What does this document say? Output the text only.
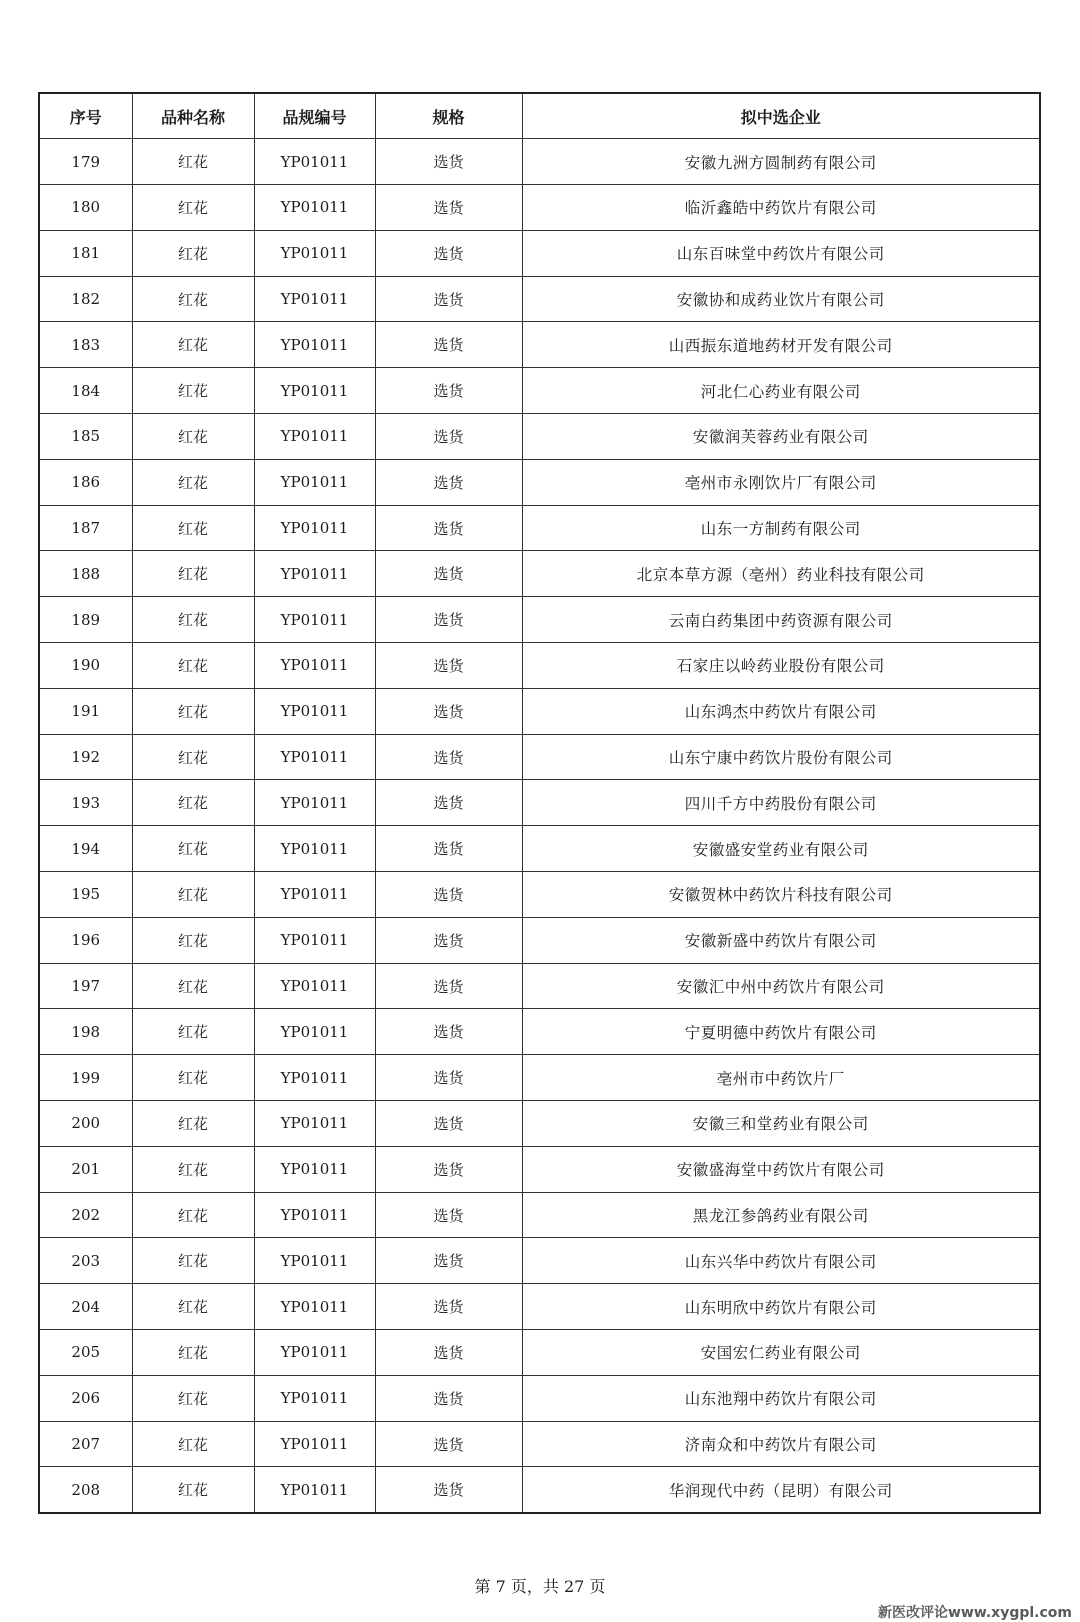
序号	品种名称	品规编号	规格	拟中选企业
179	红花	YP01011	选货	安徽九洲方圆制药有限公司
180	红花	YP01011	选货	临沂鑫皓中药饮片有限公司
181	红花	YP01011	选货	山东百味堂中药饮片有限公司
182	红花	YP01011	选货	安徽协和成药业饮片有限公司
183	红花	YP01011	选货	山西振东道地药材开发有限公司
184	红花	YP01011	选货	河北仁心药业有限公司
185	红花	YP01011	选货	安徽润芙蓉药业有限公司
186	红花	YP01011	选货	亳州市永刚饮片厂有限公司
187	红花	YP01011	选货	山东一方制药有限公司
188	红花	YP01011	选货	北京本草方源（亳州）药业科技有限公司
189	红花	YP01011	选货	云南白药集团中药资源有限公司
190	红花	YP01011	选货	石家庄以岭药业股份有限公司
191	红花	YP01011	选货	山东鸿杰中药饮片有限公司
192	红花	YP01011	选货	山东宁康中药饮片股份有限公司
193	红花	YP01011	选货	四川千方中药股份有限公司
194	红花	YP01011	选货	安徽盛安堂药业有限公司
195	红花	YP01011	选货	安徽贺林中药饮片科技有限公司
196	红花	YP01011	选货	安徽新盛中药饮片有限公司
197	红花	YP01011	选货	安徽汇中州中药饮片有限公司
198	红花	YP01011	选货	宁夏明德中药饮片有限公司
199	红花	YP01011	选货	亳州市中药饮片厂
200	红花	YP01011	选货	安徽三和堂药业有限公司
201	红花	YP01011	选货	安徽盛海堂中药饮片有限公司
202	红花	YP01011	选货	黑龙江参鸽药业有限公司
203	红花	YP01011	选货	山东兴华中药饮片有限公司
204	红花	YP01011	选货	山东明欣中药饮片有限公司
205	红花	YP01011	选货	安国宏仁药业有限公司
206	红花	YP01011	选货	山东池翔中药饮片有限公司
207	红花	YP01011	选货	济南众和中药饮片有限公司
208	红花	YP01011	选货	华润现代中药（昆明）有限公司
第 7 页，共 27 页
新医改评论www.xygpl.com
